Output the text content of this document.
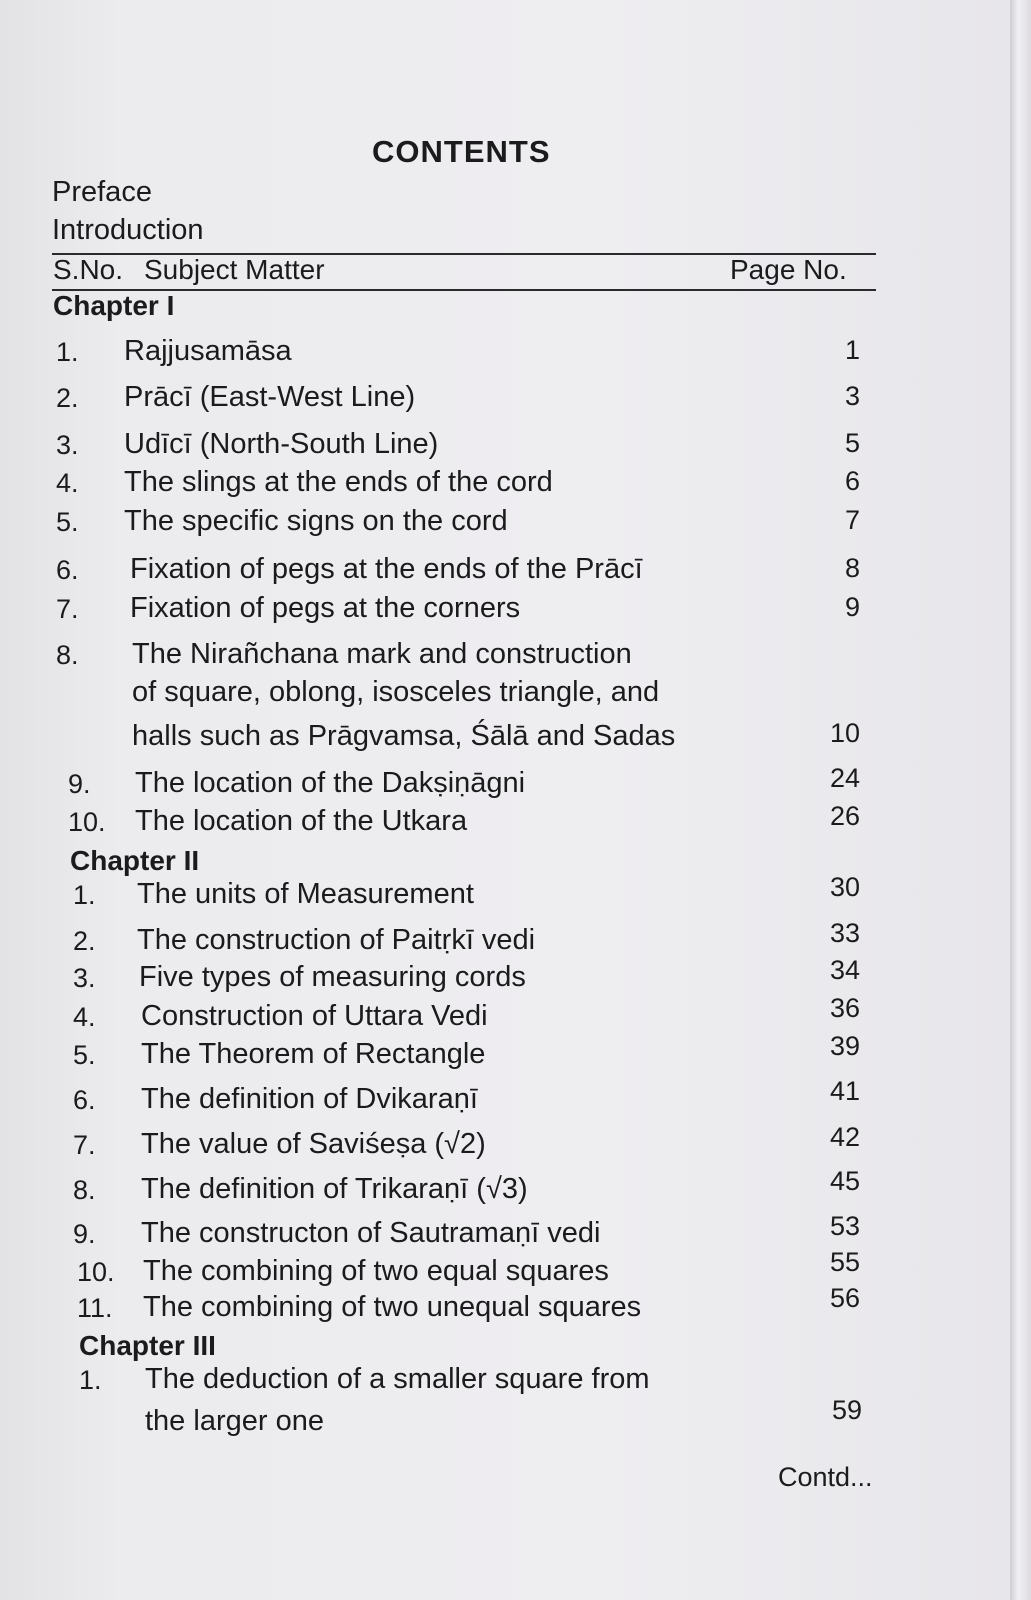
CONTENTS
Preface
Introduction
S.No. Subject Matter	Page No.
Chapter I
1. Rajjusamāsa	1
2. Prācī (East-West Line)	3
3. Udīcī (North-South Line)	5
4. The slings at the ends of the cord	6
5. The specific signs on the cord	7
6. Fixation of pegs at the ends of the Prācī	8
7. Fixation of pegs at the corners	9
8. The Nirañchana mark and construction
of square, oblong, isosceles triangle, and
halls such as Prāgvamsa, Śālā and Sadas	10
9. The location of the Dakṣiṇāgni	24
10. The location of the Utkara	26
Chapter II
1. The units of Measurement	30
2. The construction of Paitṛkī vedi	33
3. Five types of measuring cords	34
4. Construction of Uttara Vedi	36
5. The Theorem of Rectangle	39
6. The definition of Dvikaraṇī	41
7. The value of Saviśeṣa (√2)	42
8. The definition of Trikaraṇī (√3)	45
9. The constructon of Sautramaṇī vedi	53
10. The combining of two equal squares	55
11. The combining of two unequal squares	56
Chapter III
1. The deduction of a smaller square from
the larger one	59
Contd...
